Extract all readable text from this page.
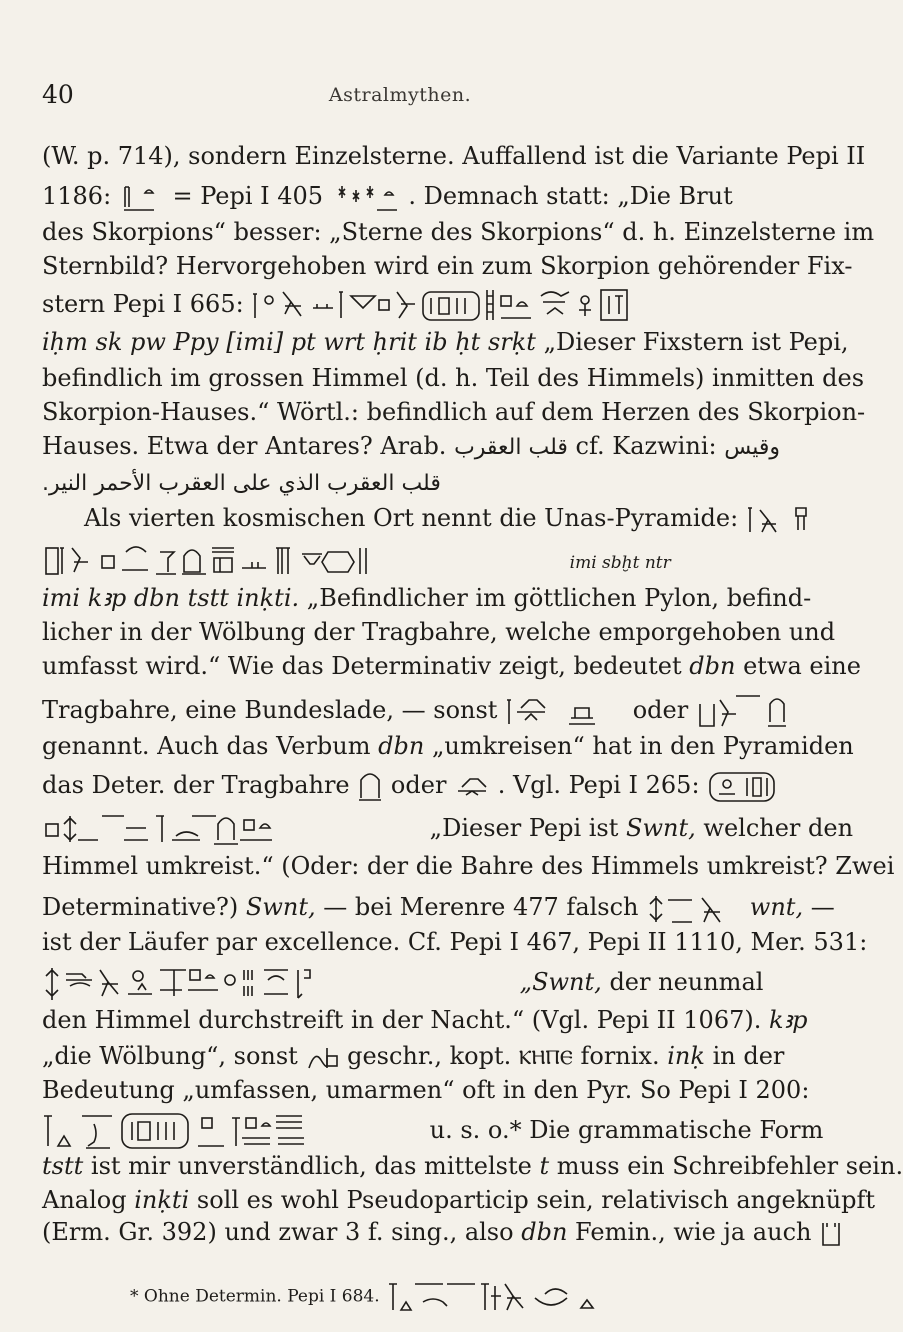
40	Astralmythen.
(W. p. 714), sondern Einzelsterne. Auffallend ist die Variante Pepi II
1186:	= Pepi I 405	. Demnach statt: „Die Brut
des Skorpions“ besser: „Sterne des Skorpions“ d. h. Einzelsterne im
Sternbild? Hervorgehoben wird ein zum Skorpion gehörender Fix-
stern Pepi I 665:
iḥm sk pw Ppy [imi] pt wrt ḥrit ib ḥt srḳt „Dieser Fixstern ist Pepi,
befindlich im grossen Himmel (d. h. Teil des Himmels) inmitten des
Skorpion-Hauses.“ Wörtl.: befindlich auf dem Herzen des Skorpion-
Hauses. Etwa der Antares? Arab. قلب العقرب cf. Kazwini: وقيس
قلب العقرب الذي على العقرب الأحمر النير.
Als vierten kosmischen Ort nennt die Unas-Pyramide:
imi sbḫt ntr
imi kꜣp dbn tstt inḳti. „Befindlicher im göttlichen Pylon, befind-
licher in der Wölbung der Tragbahre, welche emporgehoben und
umfasst wird.“ Wie das Determinativ zeigt, bedeutet dbn etwa eine
Tragbahre, eine Bundeslade, — sonst	oder
genannt. Auch das Verbum dbn „umkreisen“ hat in den Pyramiden
das Deter. der Tragbahre oder . Vgl. Pepi I 265:
„Dieser Pepi ist Swnt, welcher den
Himmel umkreist.“ (Oder: der die Bahre des Himmels umkreist? Zwei
Determinative?) Swnt, — bei Merenre 477 falsch	wnt, —
ist der Läufer par excellence. Cf. Pepi I 467, Pepi II 1110, Mer. 531:
„Swnt, der neunmal
den Himmel durchstreift in der Nacht.“ (Vgl. Pepi II 1067). kꜣp
„die Wölbung“, sonst geschr., kopt. ⲔⲎⲠⲈ fornix. inḳ in der
Bedeutung „umfassen, umarmen“ oft in den Pyr. So Pepi I 200:
u. s. o.* Die grammatische Form
tstt ist mir unverständlich, das mittelste t muss ein Schreibfehler sein.
Analog inḳti soll es wohl Pseudoparticip sein, relativisch angeknüpft
(Erm. Gr. 392) und zwar 3 f. sing., also dbn Femin., wie ja auch
* Ohne Determin. Pepi I 684.
